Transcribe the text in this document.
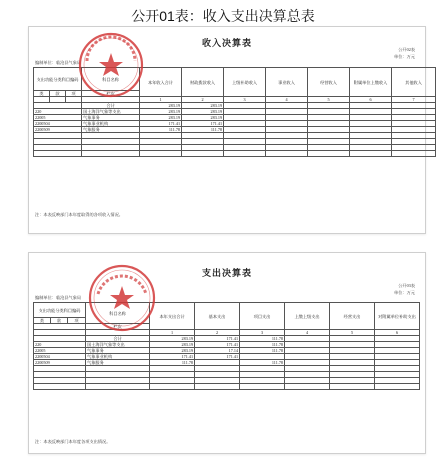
公开01表：收入支出决算总表
收入决算表
公开02表
单位：万元
编制单位：临沧县气象局
支出功能分类科目编码			科目名称	本年收入合计	财政拨款收入	上级补助收入	事业收入	经营收入	附属单位上缴收入	其他收入

类	款	项	栏次							
				1	2	3	4	5	6	7
			合计	283.19	283.19					
220			国土海洋气象等支出	283.19	283.19					
22005			气象事务	283.19	283.19					
2200504			气象事业机构	171.41	171.41					
2200509			气象服务	111.78	111.78					

注：本表反映部门本年度取得的各项收入情况。
支出决算表
公开03表
单位：万元
编制单位：临沧县气象局
支出功能分类科目编码			科目名称	本年支出合计	基本支出	项目支出	上缴上级支出	经营支出	对附属单位补助支出
类	款	项							
			栏次						
				1	2	3	4	5	6
			合计	283.19	171.41	111.78			
220			国土海洋气象等支出	283.19	171.41	111.78			
22005			气象事务	283.19	17.14	111.78			
2200504			气象事业机构	171.41	171.41				
2200509			气象服务	111.78		111.78			

注：本表反映部门本年度各项支出情况。
